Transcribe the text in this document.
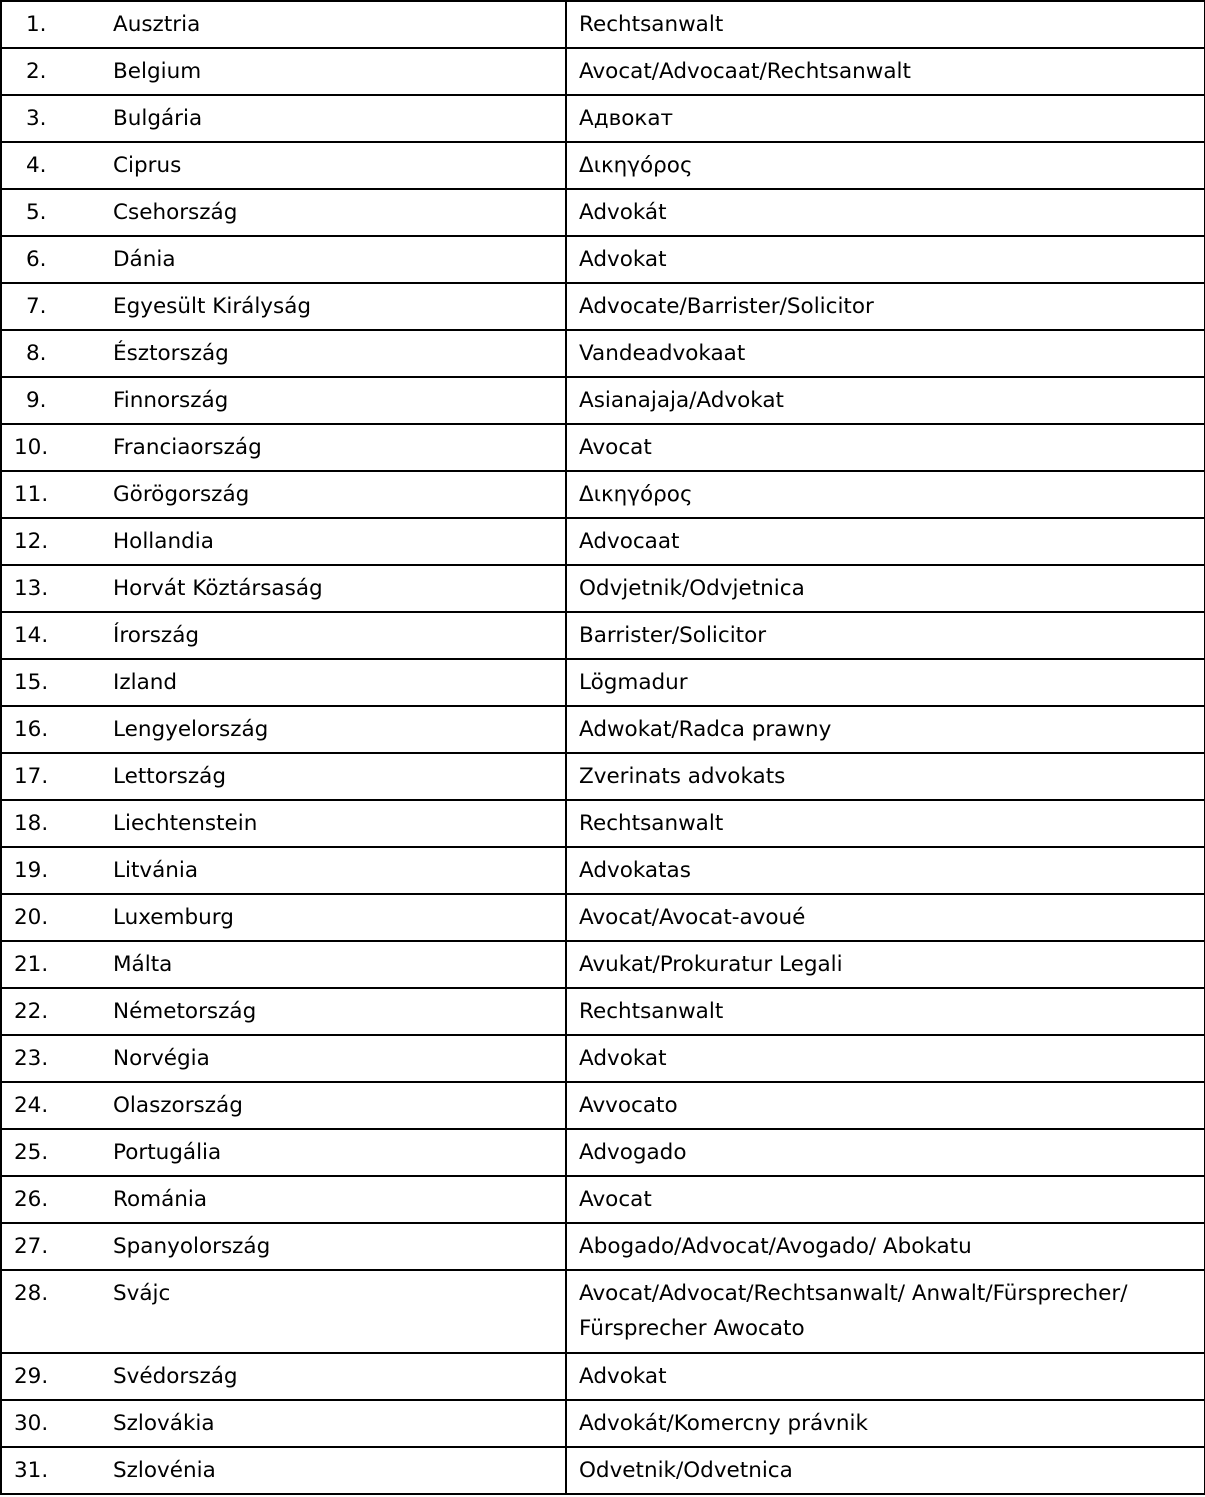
1.	Ausztria	Rechtsanwalt
2.	Belgium	Avocat/Advocaat/Rechtsanwalt
3.	Bulgária	Адвокат
4.	Ciprus	Δικηγόρος
5.	Csehország	Advokát
6.	Dánia	Advokat
7.	Egyesült Királyság	Advocate/Barrister/Solicitor
8.	Észtország	Vandeadvokaat
9.	Finnország	Asianajaja/Advokat
10.	Franciaország	Avocat
11.	Görögország	Δικηγόρος
12.	Hollandia	Advocaat
13.	Horvát Köztársaság	Odvjetnik/Odvjetnica
14.	Írország	Barrister/Solicitor
15.	Izland	Lögmadur
16.	Lengyelország	Adwokat/Radca prawny
17.	Lettország	Zverinats advokats
18.	Liechtenstein	Rechtsanwalt
19.	Litvánia	Advokatas
20.	Luxemburg	Avocat/Avocat-avoué
21.	Málta	Avukat/Prokuratur Legali
22.	Németország	Rechtsanwalt
23.	Norvégia	Advokat
24.	Olaszország	Avvocato
25.	Portugália	Advogado
26.	Románia	Avocat
27.	Spanyolország	Abogado/Advocat/Avogado/ Abokatu
28.	Svájc	Avocat/Advocat/Rechtsanwalt/ Anwalt/Fürsprecher/ Fürsprecher Awocato
29.	Svédország	Advokat
30.	Szlovákia	Advokát/Komercny právnik
31.	Szlovénia	Odvetnik/Odvetnica
